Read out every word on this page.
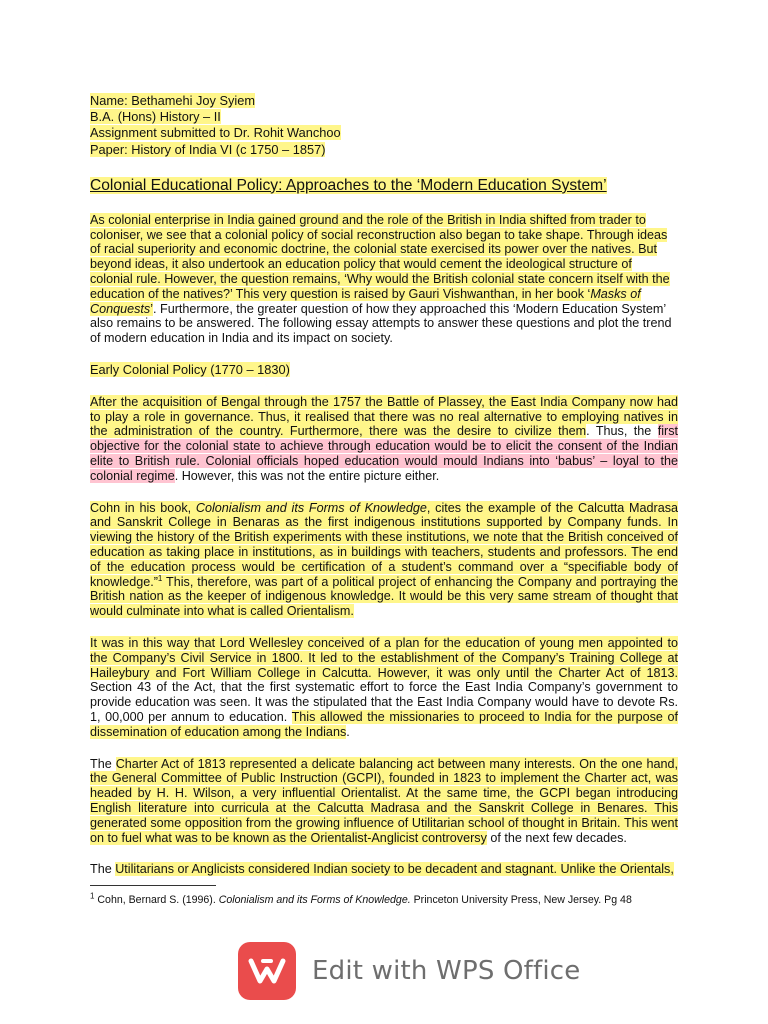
Name: Bethamehi Joy Syiem

B.A. (Hons) History – II

Assignment submitted to Dr. Rohit Wanchoo

Paper: History of India VI (c 1750 – 1857)

Colonial Educational Policy: Approaches to the ‘Modern Education System’

As colonial enterprise in India gained ground and the role of the British in India shifted from trader to coloniser, we see that a colonial policy of social reconstruction also began to take shape. Through ideas of racial superiority and economic doctrine, the colonial state exercised its power over the natives. But beyond ideas, it also undertook an education policy that would cement the ideological structure of colonial rule. However, the question remains, ‘Why would the British colonial state concern itself with the education of the natives?’ This very question is raised by Gauri Vishwanthan, in her book ‘Masks of Conquests’. Furthermore, the greater question of how they approached this ‘Modern Education System’ also remains to be answered. The following essay attempts to answer these questions and plot the trend of modern education in India and its impact on society.

Early Colonial Policy (1770 – 1830)

After the acquisition of Bengal through the 1757 the Battle of Plassey, the East India Company now had to play a role in governance. Thus, it realised that there was no real alternative to employing natives in the administration of the country. Furthermore, there was the desire to civilize them. Thus, the first objective for the colonial state to achieve through education would be to elicit the consent of the Indian elite to British rule. Colonial officials hoped education would mould Indians into ‘babus’ – loyal to the colonial regime. However, this was not the entire picture either.

Cohn in his book, Colonialism and its Forms of Knowledge, cites the example of the Calcutta Madrasa and Sanskrit College in Benaras as the first indigenous institutions supported by Company funds. In viewing the history of the British experiments with these institutions, we note that the British conceived of education as taking place in institutions, as in buildings with teachers, students and professors. The end of the education process would be certification of a student’s command over a “specifiable body of knowledge.”$^1$ This, therefore, was part of a political project of enhancing the Company and portraying the British nation as the keeper of indigenous knowledge. It would be this very same stream of thought that would culminate into what is called Orientalism.

It was in this way that Lord Wellesley conceived of a plan for the education of young men appointed to the Company’s Civil Service in 1800. It led to the establishment of the Company’s Training College at Haileybury and Fort William College in Calcutta. However, it was only until the Charter Act of 1813. Section 43 of the Act, that the first systematic effort to force the East India Company’s government to provide education was seen. It was the stipulated that the East India Company would have to devote Rs. 1, 00,000 per annum to education. This allowed the missionaries to proceed to India for the purpose of dissemination of education among the Indians.

The Charter Act of 1813 represented a delicate balancing act between many interests. On the one hand, the General Committee of Public Instruction (GCPI), founded in 1823 to implement the Charter act, was headed by H. H. Wilson, a very influential Orientalist. At the same time, the GCPI began introducing English literature into curricula at the Calcutta Madrasa and the Sanskrit College in Benares. This generated some opposition from the growing influence of Utilitarian school of thought in Britain. This went on to fuel what was to be known as the Orientalist-Anglicist controversy of the next few decades.

The Utilitarians or Anglicists considered Indian society to be decadent and stagnant. Unlike the Orientals,

$^1$ Cohn, Bernard S. (1996). Colonialism and its Forms of Knowledge. Princeton University Press, New Jersey. Pg 48
Edit with WPS Office
